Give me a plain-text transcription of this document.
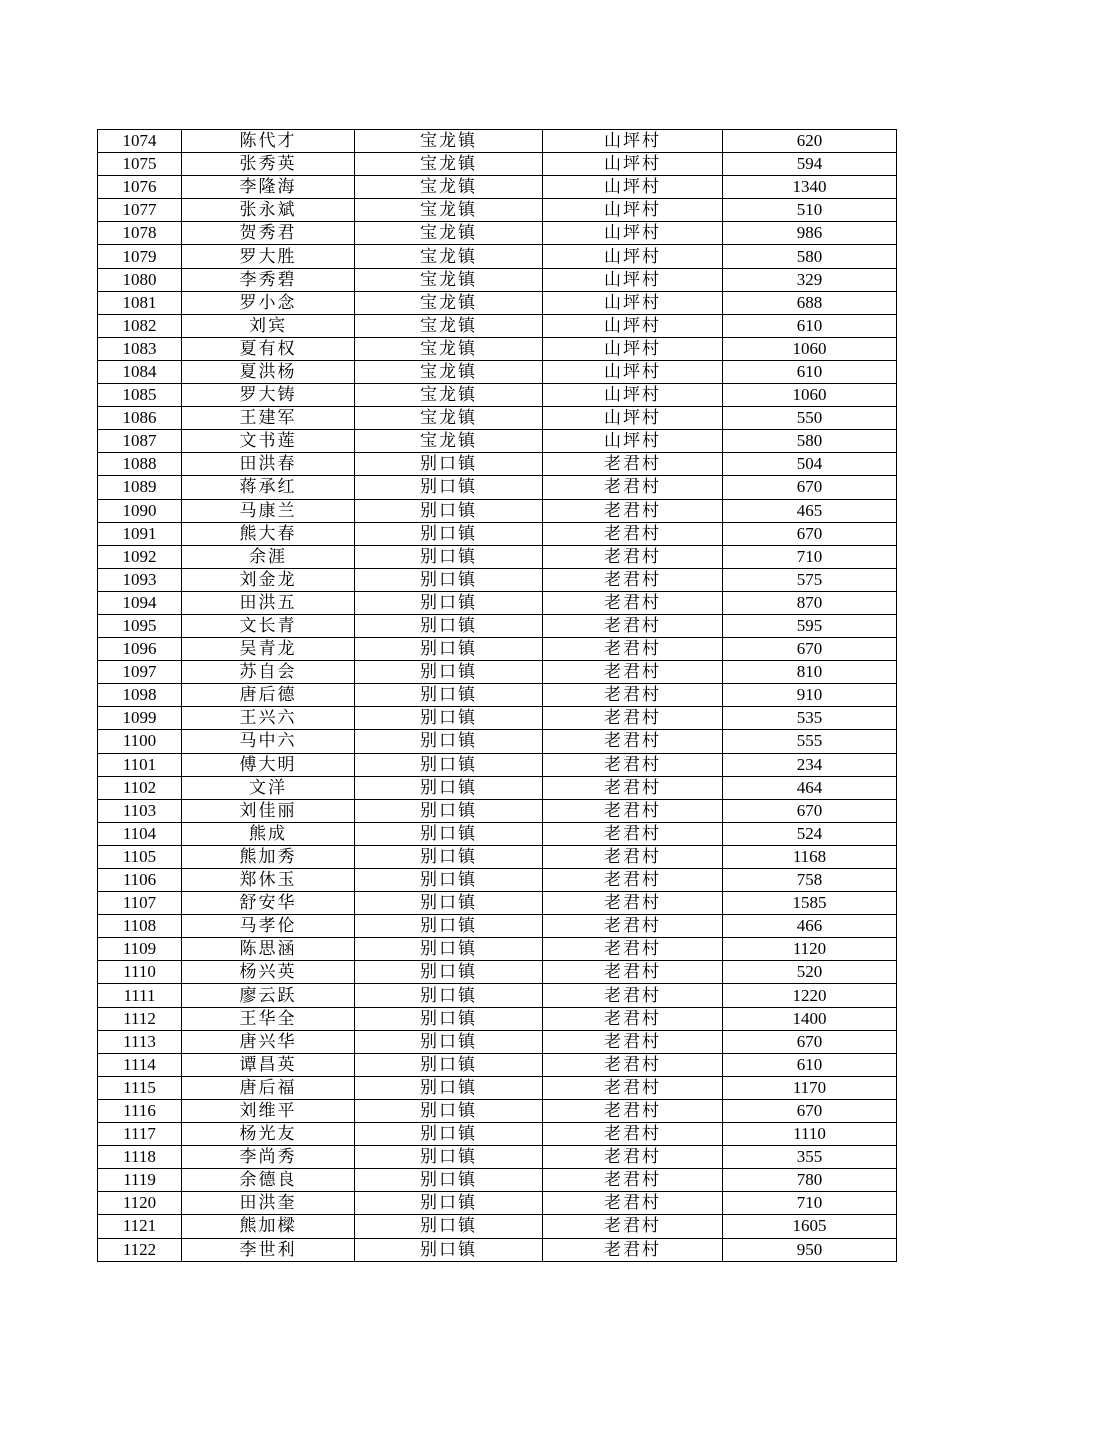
1074	陈代才	宝龙镇	山坪村	620
1075	张秀英	宝龙镇	山坪村	594
1076	李隆海	宝龙镇	山坪村	1340
1077	张永斌	宝龙镇	山坪村	510
1078	贺秀君	宝龙镇	山坪村	986
1079	罗大胜	宝龙镇	山坪村	580
1080	李秀碧	宝龙镇	山坪村	329
1081	罗小念	宝龙镇	山坪村	688
1082	刘宾	宝龙镇	山坪村	610
1083	夏有权	宝龙镇	山坪村	1060
1084	夏洪杨	宝龙镇	山坪村	610
1085	罗大铸	宝龙镇	山坪村	1060
1086	王建军	宝龙镇	山坪村	550
1087	文书莲	宝龙镇	山坪村	580
1088	田洪春	别口镇	老君村	504
1089	蒋承红	别口镇	老君村	670
1090	马康兰	别口镇	老君村	465
1091	熊大春	别口镇	老君村	670
1092	余涯	别口镇	老君村	710
1093	刘金龙	别口镇	老君村	575
1094	田洪五	别口镇	老君村	870
1095	文长青	别口镇	老君村	595
1096	吴青龙	别口镇	老君村	670
1097	苏自会	别口镇	老君村	810
1098	唐后德	别口镇	老君村	910
1099	王兴六	别口镇	老君村	535
1100	马中六	别口镇	老君村	555
1101	傅大明	别口镇	老君村	234
1102	文洋	别口镇	老君村	464
1103	刘佳丽	别口镇	老君村	670
1104	熊成	别口镇	老君村	524
1105	熊加秀	别口镇	老君村	1168
1106	郑休玉	别口镇	老君村	758
1107	舒安华	别口镇	老君村	1585
1108	马孝伦	别口镇	老君村	466
1109	陈思涵	别口镇	老君村	1120
1110	杨兴英	别口镇	老君村	520
1111	廖云跃	别口镇	老君村	1220
1112	王华全	别口镇	老君村	1400
1113	唐兴华	别口镇	老君村	670
1114	谭昌英	别口镇	老君村	610
1115	唐后福	别口镇	老君村	1170
1116	刘维平	别口镇	老君村	670
1117	杨光友	别口镇	老君村	1110
1118	李尚秀	别口镇	老君村	355
1119	余德良	别口镇	老君村	780
1120	田洪奎	别口镇	老君村	710
1121	熊加樑	别口镇	老君村	1605
1122	李世利	别口镇	老君村	950
